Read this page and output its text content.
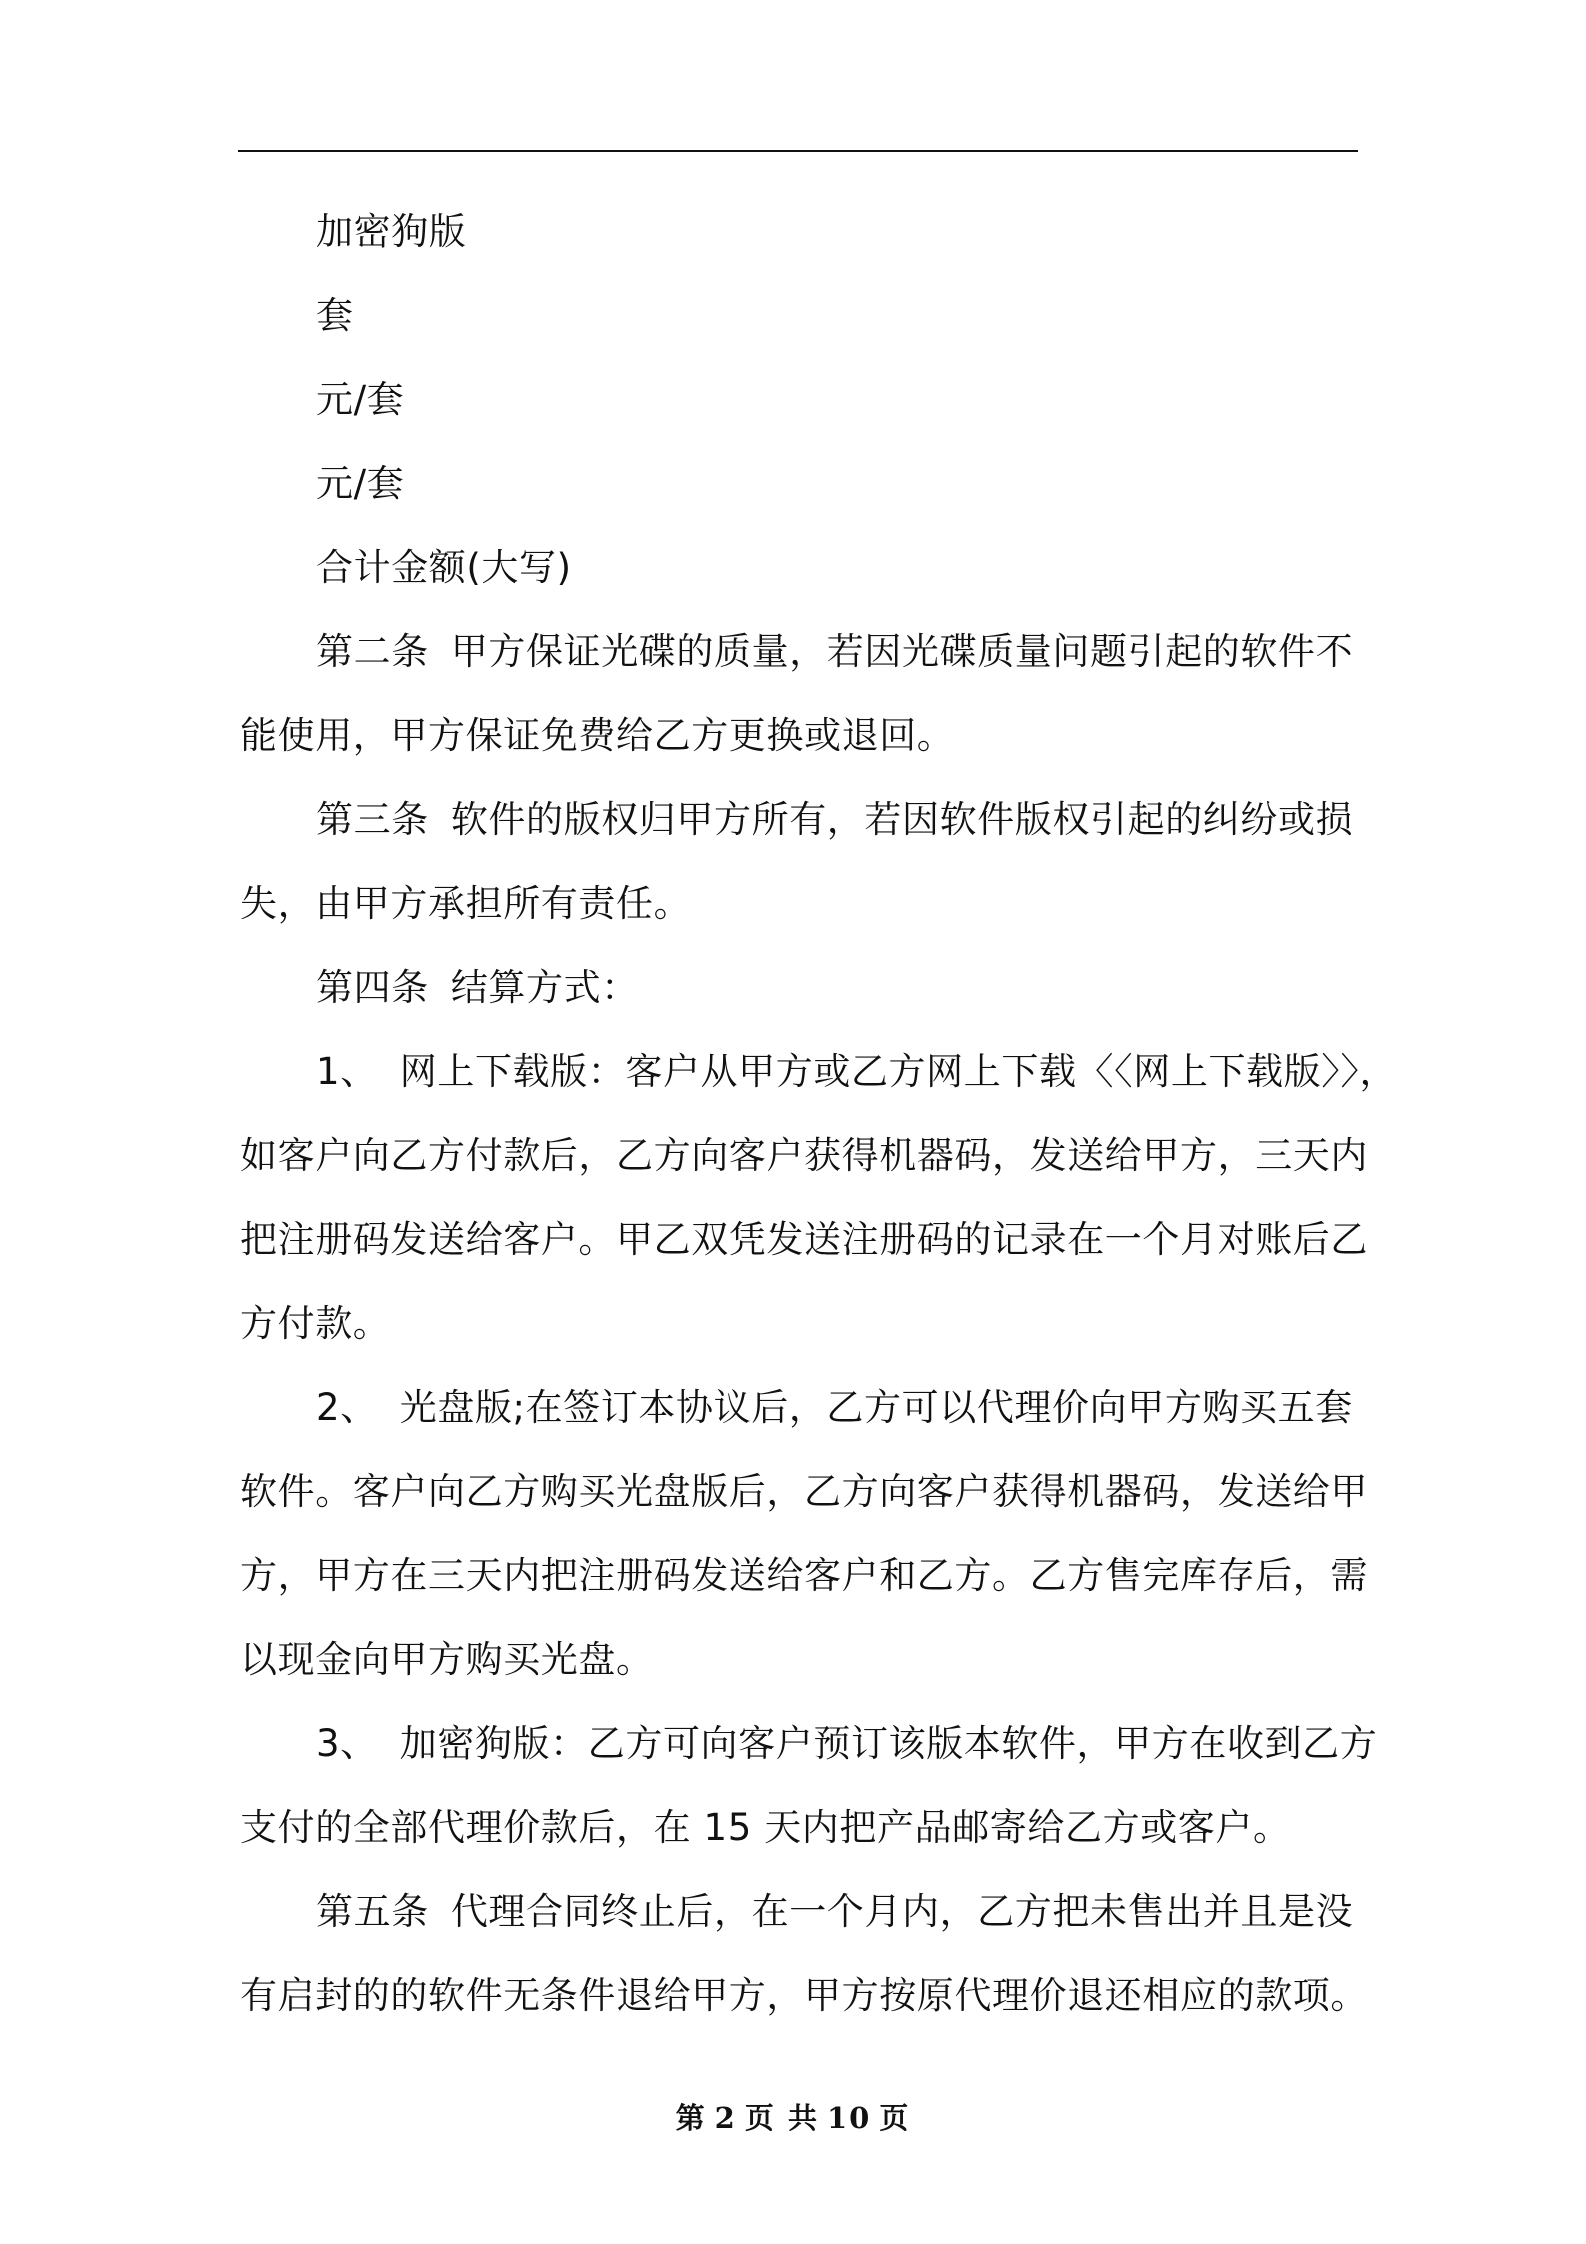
加密狗版

套

元/套

元/套

合计金额(大写)

第二条 甲方保证光碟的质量，若因光碟质量问题引起的软件不

能使用，甲方保证免费给乙方更换或退回。

第三条 软件的版权归甲方所有，若因软件版权引起的纠纷或损

失，由甲方承担所有责任。

第四条 结算方式：

1、 网上下载版：客户从甲方或乙方网上下载〈〈网上下载版〉〉，

如客户向乙方付款后，乙方向客户获得机器码，发送给甲方，三天内

把注册码发送给客户。甲乙双凭发送注册码的记录在一个月对账后乙

方付款。

2、 光盘版;在签订本协议后，乙方可以代理价向甲方购买五套

软件。客户向乙方购买光盘版后，乙方向客户获得机器码，发送给甲

方，甲方在三天内把注册码发送给客户和乙方。乙方售完库存后，需

以现金向甲方购买光盘。

3、 加密狗版：乙方可向客户预订该版本软件，甲方在收到乙方

支付的全部代理价款后，在 15 天内把产品邮寄给乙方或客户。

第五条 代理合同终止后，在一个月内，乙方把未售出并且是没

有启封的的软件无条件退给甲方，甲方按原代理价退还相应的款项。

第 2 页 共 10 页
